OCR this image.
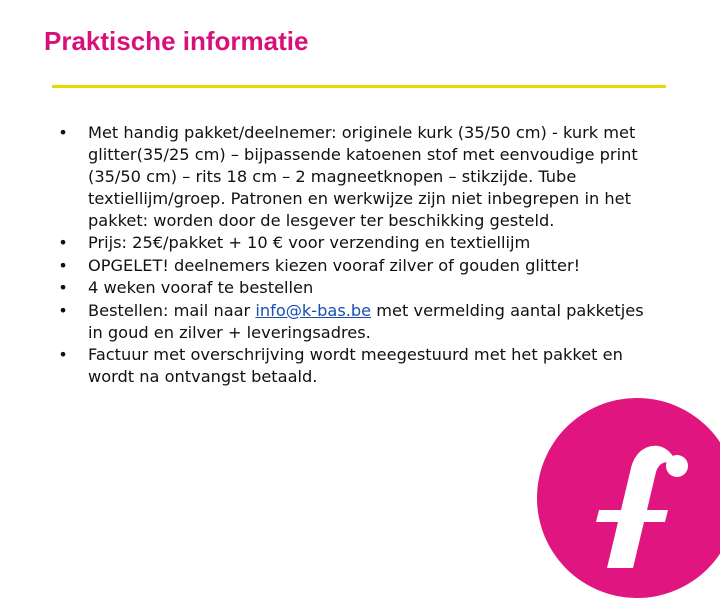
Praktische informatie
• Met handig pakket/deelnemer: originele kurk (35/50 cm) - kurk met glitter(35/25 cm) – bijpassende katoenen stof met eenvoudige print (35/50 cm) – rits 18 cm – 2 magneetknopen – stikzijde. Tube textiellijm/groep. Patronen en werkwijze zijn niet inbegrepen in het pakket: worden door de lesgever ter beschikking gesteld.
• Prijs: 25€/pakket + 10 € voor verzending en textiellijm
• OPGELET! deelnemers kiezen vooraf zilver of gouden glitter!
• 4 weken vooraf te bestellen
• Bestellen: mail naar info@k-bas.be met vermelding aantal pakketjes in goud en zilver + leveringsadres.
• Factuur met overschrijving wordt meegestuurd met het pakket en wordt na ontvangst betaald.
